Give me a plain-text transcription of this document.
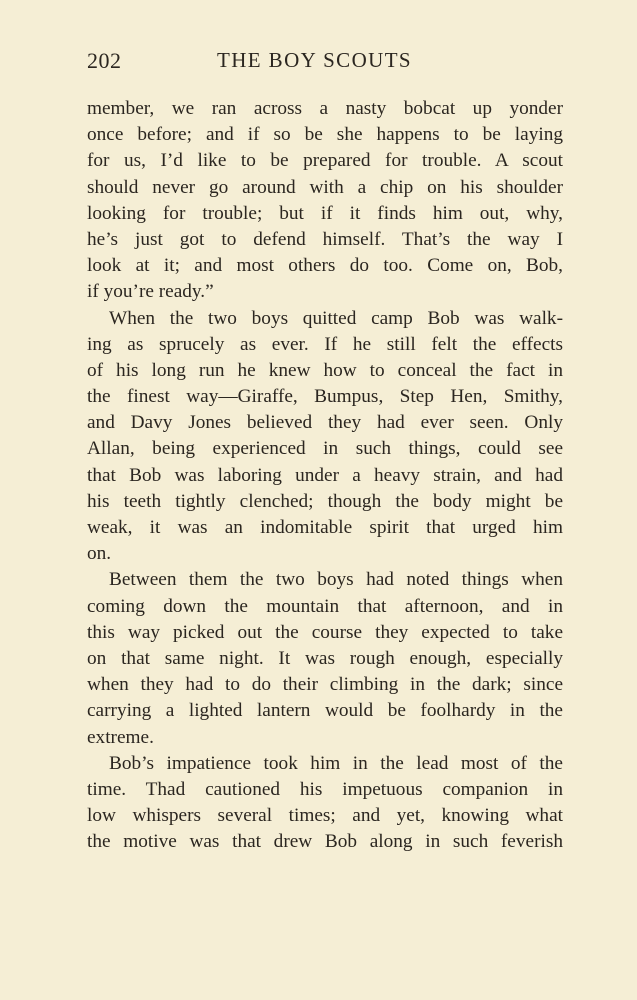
202	THE BOY SCOUTS
member, we ran across a nasty bobcat up yonder
once before; and if so be she happens to be laying
for us, I’d like to be prepared for trouble. A scout
should never go around with a chip on his shoulder
looking for trouble; but if it finds him out, why,
he’s just got to defend himself. That’s the way I
look at it; and most others do too. Come on, Bob,
if you’re ready.”
When the two boys quitted camp Bob was walk-
ing as sprucely as ever. If he still felt the effects
of his long run he knew how to conceal the fact in
the finest way—Giraffe, Bumpus, Step Hen, Smithy,
and Davy Jones believed they had ever seen. Only
Allan, being experienced in such things, could see
that Bob was laboring under a heavy strain, and had
his teeth tightly clenched; though the body might be
weak, it was an indomitable spirit that urged him
on.
Between them the two boys had noted things when
coming down the mountain that afternoon, and in
this way picked out the course they expected to take
on that same night. It was rough enough, especially
when they had to do their climbing in the dark; since
carrying a lighted lantern would be foolhardy in the
extreme.
Bob’s impatience took him in the lead most of the
time. Thad cautioned his impetuous companion in
low whispers several times; and yet, knowing what
the motive was that drew Bob along in such feverish
